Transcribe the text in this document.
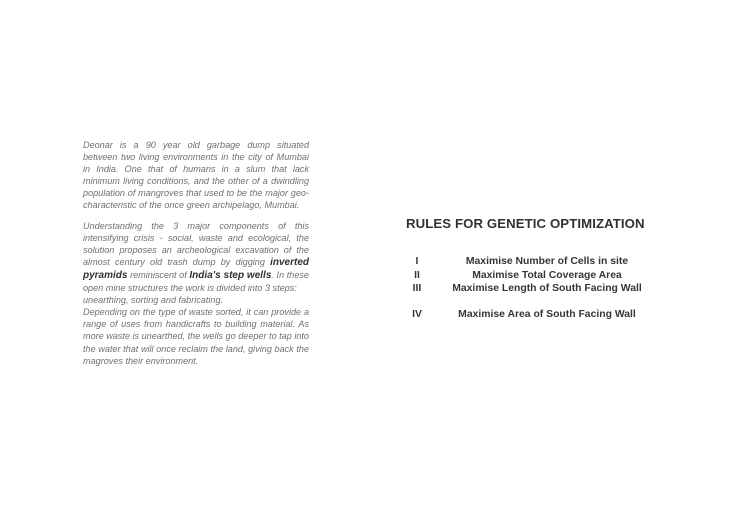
Deonar is a 90 year old garbage dump situated between two living environments in the city of Mumbai in India. One that of humans in a slum that lack minimum living conditions, and the other of a dwindling population of mangroves that used to be the major geo-characteristic of the once green archipelago, Mumbai.

Understanding the 3 major components of this intensifying crisis - social, waste and ecological, the solution proposes an archeological excavation of the almost century old trash dump by digging inverted pyramids reminiscent of India's step wells. In these open mine structures the work is divided into 3 steps:

unearthing, sorting and fabricating.

Depending on the type of waste sorted, it can provide a range of uses from handicrafts to building material. As more waste is unearthed, the wells go deeper to tap into the water that will once reclaim the land, giving back the magroves their environment.

RULES FOR GENETIC OPTIMIZATION
I	Maximise Number of Cells in site
II	Maximise Total Coverage Area
III	Maximise Length of South Facing Wall
IV	Maximise Area of South Facing Wall
